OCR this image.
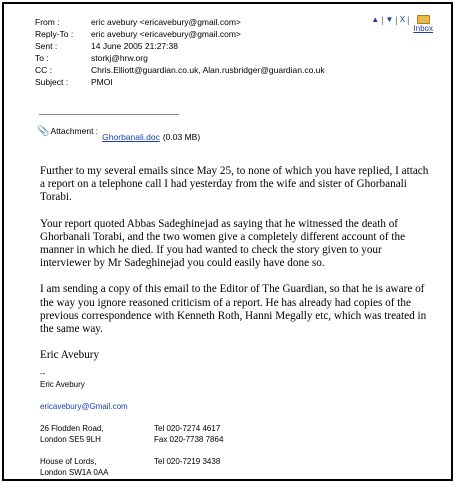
From :	eric avebury <ericavebury@gmail.com>
Reply-To :	eric avebury <ericavebury@gmail.com>
Sent :	14 June 2005 21:27:38
To :	storkj@hrw.org
CC :	Chris.Elliott@guardian.co.uk, Alan.rusbridger@guardian.co.uk
Subject :	PMOI
▲ | ▼ | X |
Inbox
📎 Attachment :
Ghorbanali.doc (0.03 MB)

Further to my several emails since May 25, to none of which you have replied, I attach a report on a telephone call I had yesterday from the wife and sister of Ghorbanali Torabi.

Your report quoted Abbas Sadeghinejad as saying that he witnessed the death of Ghorbanali Torabi, and the two women give a completely different account of the manner in which he died. If you had wanted to check the story given to your interviewer by Mr Sadeghinejad you could easily have done so.

I am sending a copy of this email to the Editor of The Guardian, so that he is aware of the way you ignore reasoned criticism of a report. He has already had copies of the previous correspondence with Kenneth Roth, Hanni Megally etc, which was treated in the same way.

Eric Avebury

--
Eric Avebury
ericavebury@Gmail.com
26 Flodden Road,	Tel 020-7274 4617
London SE5 9LH	Fax 020-7738 7864
House of Lords,	Tel 020-7219 3438
London SW1A 0AA
